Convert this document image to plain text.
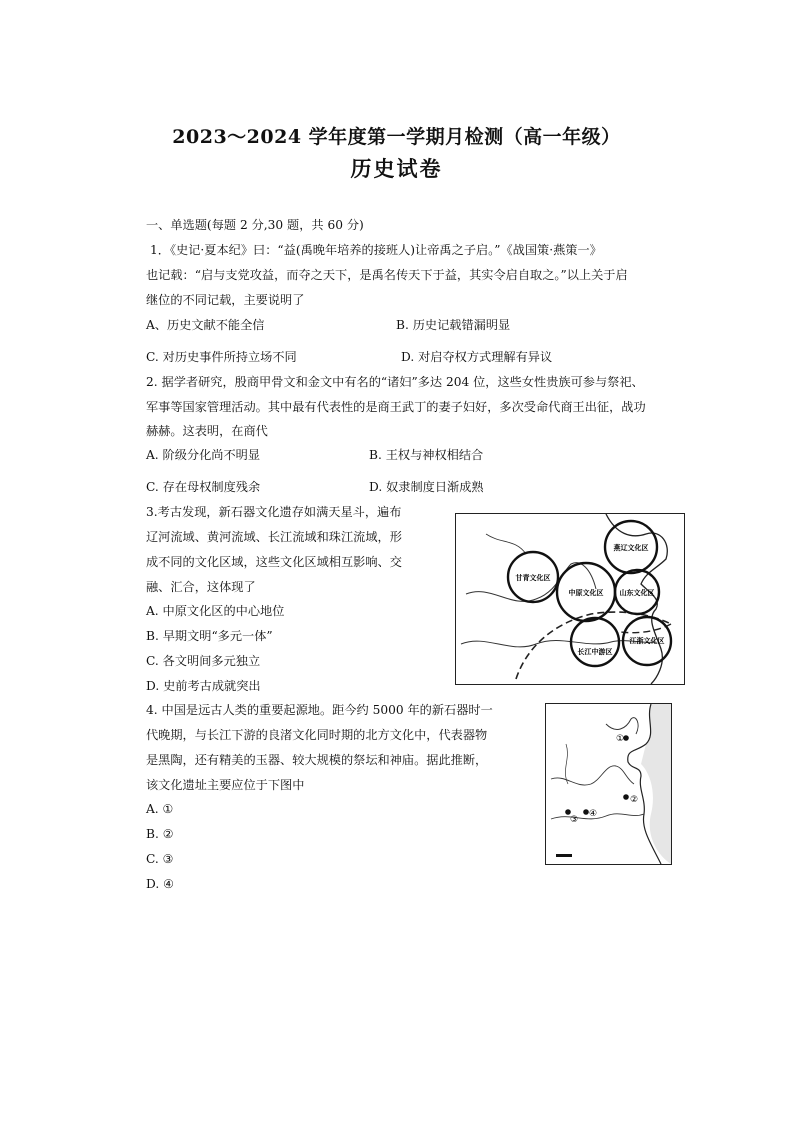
2023～2024 学年度第一学期月检测（高一年级）
历史试卷
一、单选题(每题 2 分,30 题，共 60 分)
1．《史记·夏本纪》曰：“益(禹晚年培养的接班人)让帝禹之子启。”《战国策·燕策一》
也记载：“启与支党攻益，而夺之天下，是禹名传天下于益，其实令启自取之。”以上关于启
继位的不同记载，主要说明了
A、历史文献不能全信	B. 历史记载错漏明显
C. 对历史事件所持立场不同	D. 对启夺权方式理解有异议
2. 据学者研究，殷商甲骨文和金文中有名的“诸妇”多达 204 位，这些女性贵族可参与祭祀、
军事等国家管理活动。其中最有代表性的是商王武丁的妻子妇好，多次受命代商王出征，战功
赫赫。这表明，在商代
A. 阶级分化尚不明显	B. 王权与神权相结合
C. 存在母权制度残余	D. 奴隶制度日渐成熟
3.考古发现，新石器文化遗存如满天星斗，遍布
辽河流域、黄河流域、长江流域和珠江流域，形
成不同的文化区域，这些文化区域相互影响、交
融、汇合，这体现了
A. 中原文化区的中心地位
B. 早期文明“多元一体”
C. 各文明间多元独立
D. 史前考古成就突出
燕辽文化区
甘青文化区
中原文化区 山东文化区
长江中游区
江浙文化区
4. 中国是远古人类的重要起源地。距今约 5000 年的新石器时一
代晚期，与长江下游的良渚文化同时期的北方文化中，代表器物
是黑陶，还有精美的玉器、较大规模的祭坛和神庙。据此推断，
该文化遗址主要应位于下图中
A. ①
B. ②
C. ③
D. ④
①
②
③
④
